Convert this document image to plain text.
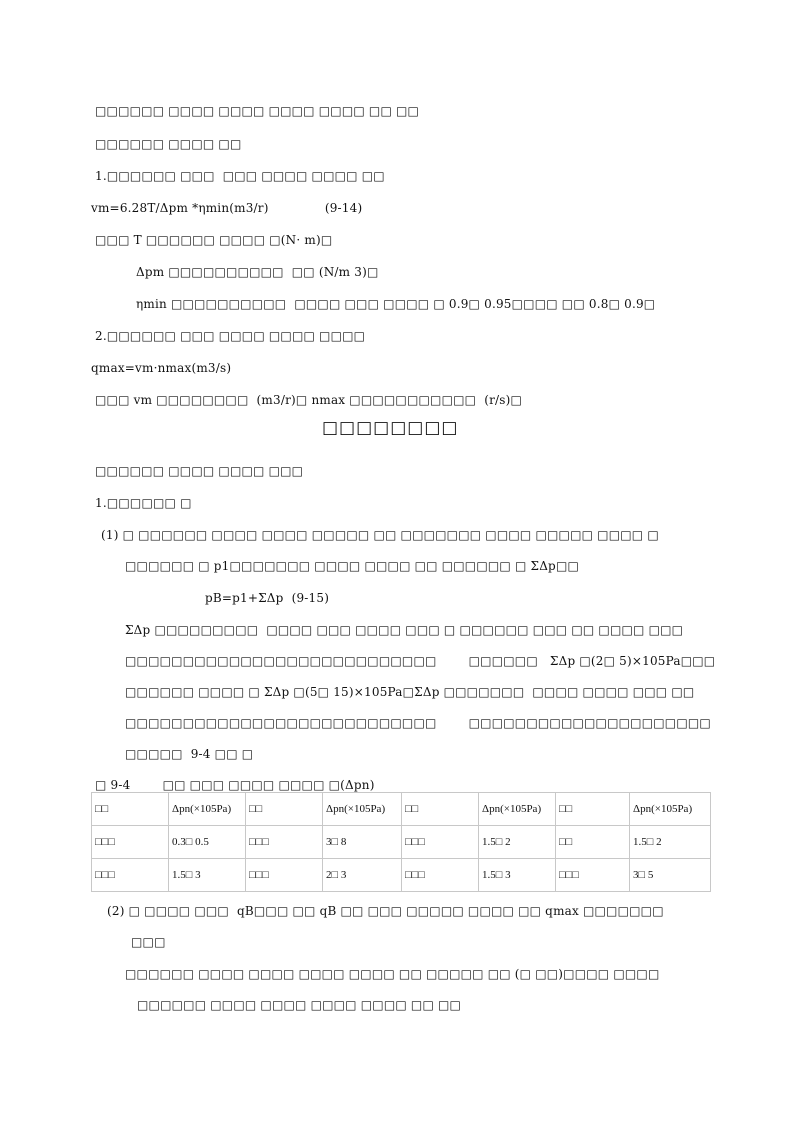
□□□□□□ □□□□ □□□□ □□□□ □□□□ □□ □□
□□□□□□ □□□□ □□
1.□□□□□□ □□□  □□□ □□□□ □□□□ □□
vm=6.28T/Δpm *ηmin(m3/r)              (9-14)
□□□ T □□□□□□ □□□□ □(N· m)□
Δpm □□□□□□□□□□  □□ (N/m 3)□
ηmin □□□□□□□□□□  □□□□ □□□ □□□□ □ 0.9□ 0.95□□□□ □□ 0.8□ 0.9□
2.□□□□□□ □□□ □□□□ □□□□ □□□□
qmax=vm·nmax(m3/s)
□□□ vm □□□□□□□□  (m3/r)□ nmax □□□□□□□□□□□  (r/s)□
□□□□□□□□
□□□□□□ □□□□ □□□□ □□□
1.□□□□□□ □
(1) □ □□□□□□ □□□□ □□□□ □□□□□ □□ □□□□□□□ □□□□ □□□□□ □□□□ □
□□□□□□ □ p1□□□□□□□ □□□□ □□□□ □□ □□□□□□ □ ΣΔp□□
pB=p1+ΣΔp  (9-15)
ΣΔp □□□□□□□□□  □□□□ □□□ □□□□ □□□ □ □□□□□□ □□□ □□ □□□□ □□□
□□□□□□□□□□□□□□□□□□□□□□□□□□□        □□□□□□   ΣΔp □(2□ 5)×105Pa□□□
□□□□□□ □□□□ □ ΣΔp □(5□ 15)×105Pa□ΣΔp □□□□□□□  □□□□ □□□□ □□□ □□
□□□□□□□□□□□□□□□□□□□□□□□□□□□        □□□□□□□□□□□□□□□□□□□□□
□□□□□  9-4 □□ □
□ 9-4        □□ □□□ □□□□ □□□□ □(Δpn)
□□	Δpn(×105Pa)	□□	Δpn(×105Pa)	□□	Δpn(×105Pa)	□□	Δpn(×105Pa)
□□□	0.3□ 0.5	□□□	3□ 8	□□□	1.5□ 2	□□	1.5□ 2
□□□	1.5□ 3	□□□	2□ 3	□□□	1.5□ 3	□□□	3□ 5
(2) □ □□□□ □□□  qB□□□ □□ qB □□ □□□ □□□□□ □□□□ □□ qmax □□□□□□□
□□□
□□□□□□ □□□□ □□□□ □□□□ □□□□ □□ □□□□□ □□ (□ □□)□□□□ □□□□
□□□□□□ □□□□ □□□□ □□□□ □□□□ □□ □□
